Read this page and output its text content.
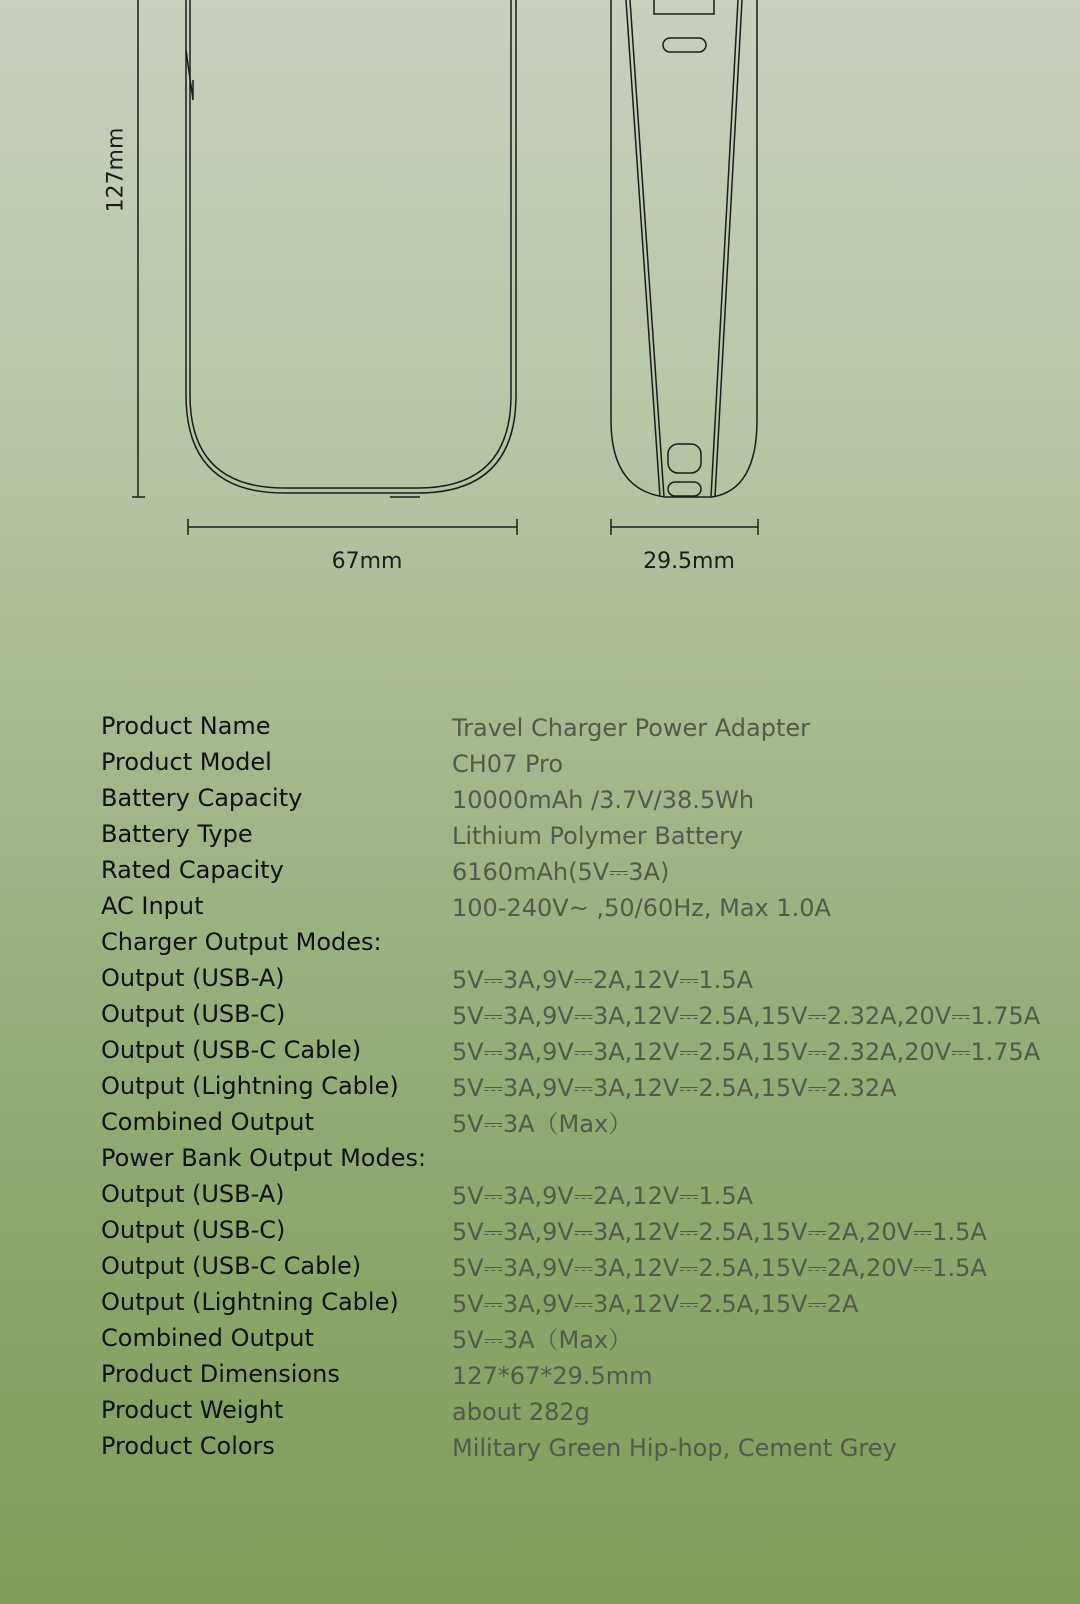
127mm
67mm	29.5mm
Product Name	Travel Charger Power Adapter
Product Model	CH07 Pro
Battery Capacity	10000mAh /3.7V/38.5Wh
Battery Type	Lithium Polymer Battery
Rated Capacity	6160mAh(5V⎓3A)
AC Input	100-240V~ ,50/60Hz, Max 1.0A
Charger Output Modes:
Output (USB-A)	5V⎓3A,9V⎓2A,12V⎓1.5A
Output (USB-C)	5V⎓3A,9V⎓3A,12V⎓2.5A,15V⎓2.32A,20V⎓1.75A
Output (USB-C Cable)	5V⎓3A,9V⎓3A,12V⎓2.5A,15V⎓2.32A,20V⎓1.75A
Output (Lightning Cable) 5V⎓3A,9V⎓3A,12V⎓2.5A,15V⎓2.32A
Combined Output	5V⎓3A（Max）
Power Bank Output Modes:
Output (USB-A)	5V⎓3A,9V⎓2A,12V⎓1.5A
Output (USB-C)	5V⎓3A,9V⎓3A,12V⎓2.5A,15V⎓2A,20V⎓1.5A
Output (USB-C Cable)	5V⎓3A,9V⎓3A,12V⎓2.5A,15V⎓2A,20V⎓1.5A
Output (Lightning Cable) 5V⎓3A,9V⎓3A,12V⎓2.5A,15V⎓2A
Combined Output	5V⎓3A（Max）
Product Dimensions	127*67*29.5mm
Product Weight	about 282g
Product Colors	Military Green Hip-hop, Cement Grey
